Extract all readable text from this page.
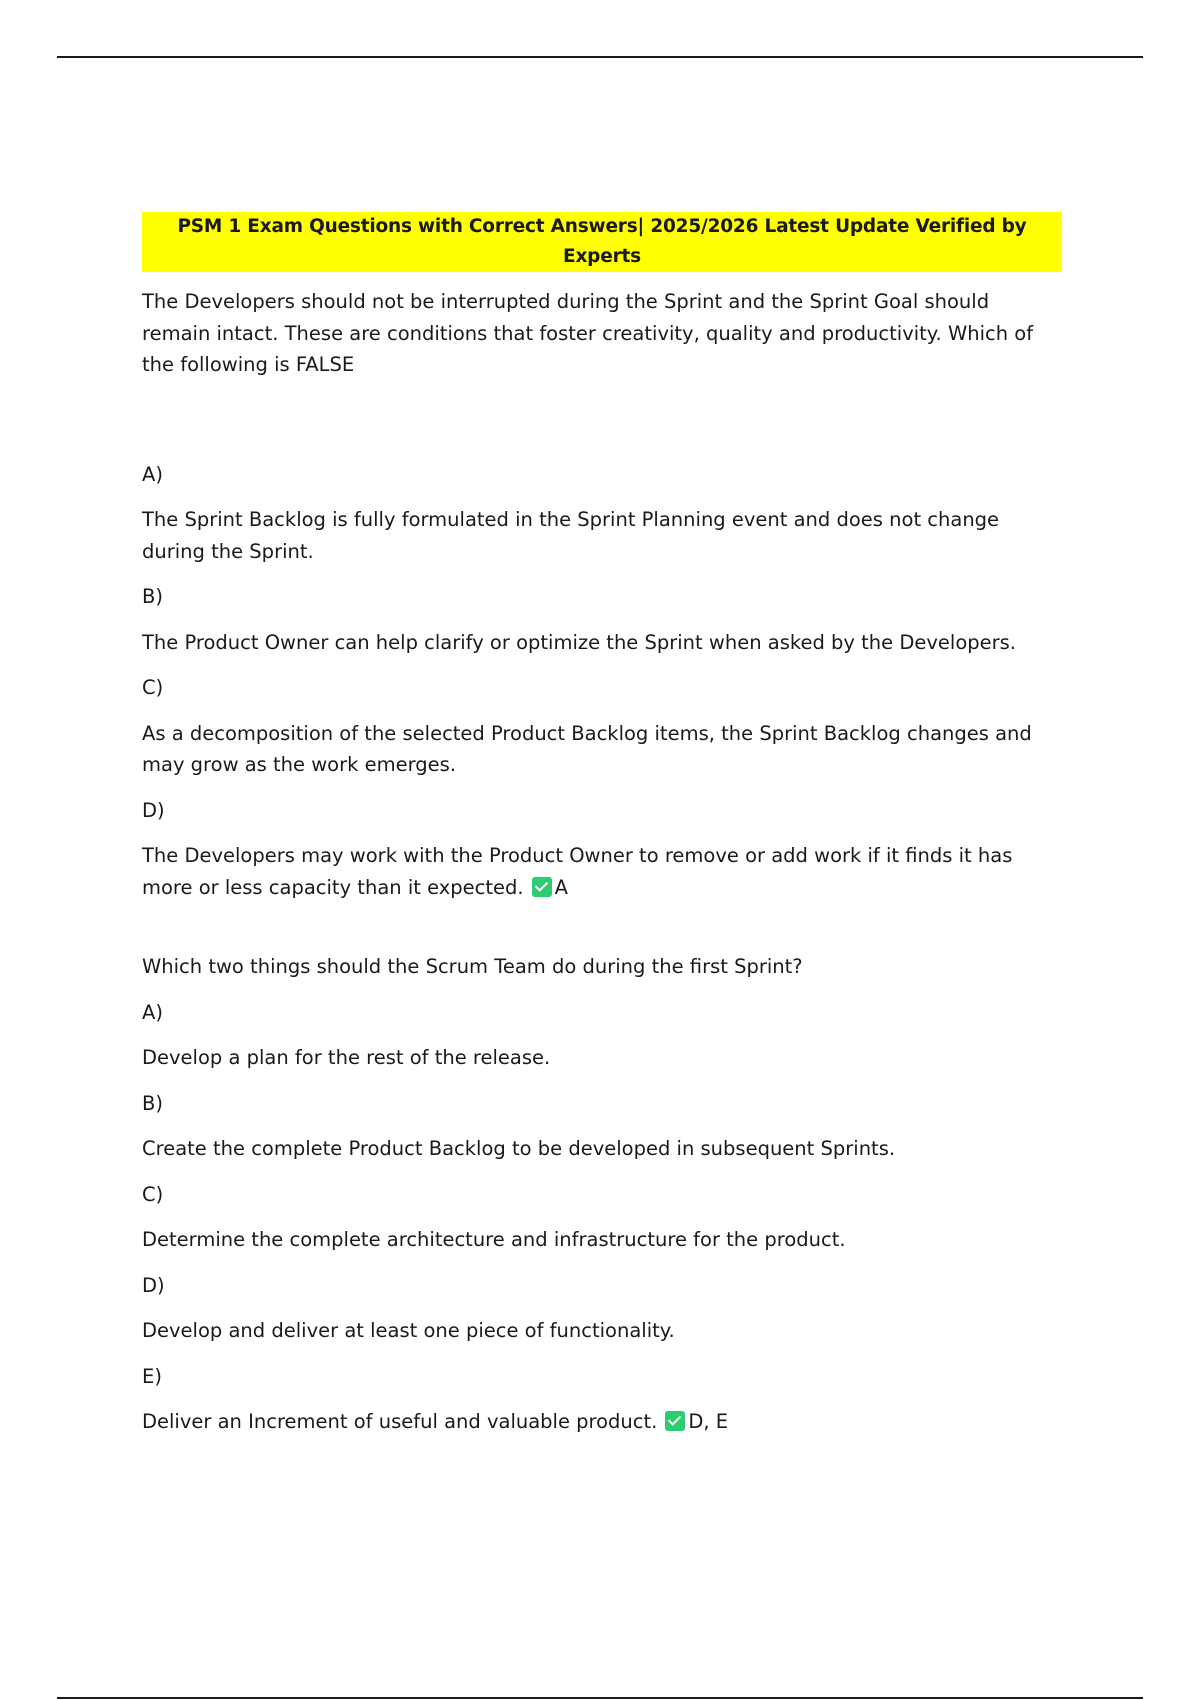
PSM 1 Exam Questions with Correct Answers| 2025/2026 Latest Update Verified by Experts

The Developers should not be interrupted during the Sprint and the Sprint Goal should remain intact. These are conditions that foster creativity, quality and productivity. Which of the following is FALSE

A)

The Sprint Backlog is fully formulated in the Sprint Planning event and does not change during the Sprint.

B)

The Product Owner can help clarify or optimize the Sprint when asked by the Developers.

C)

As a decomposition of the selected Product Backlog items, the Sprint Backlog changes and may grow as the work emerges.

D)

The Developers may work with the Product Owner to remove or add work if it finds it has more or less capacity than it expected. A

Which two things should the Scrum Team do during the first Sprint?

A)

Develop a plan for the rest of the release.

B)

Create the complete Product Backlog to be developed in subsequent Sprints.

C)

Determine the complete architecture and infrastructure for the product.

D)

Develop and deliver at least one piece of functionality.

E)

Deliver an Increment of useful and valuable product. D, E
